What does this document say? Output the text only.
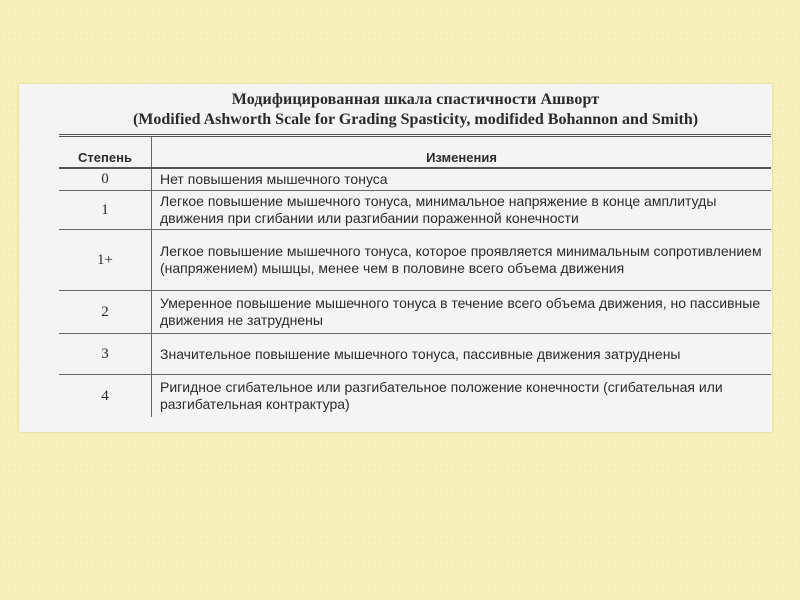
Модифицированная шкала спастичности Ашворт
(Modified Ashworth Scale for Grading Spasticity, modifided Bohannon and Smith)
Степень	Изменения
0	Нет повышения мышечного тонуса
1	Легкое повышение мышечного тонуса, минимальное напряжение в конце амплитуды движения при сгибании или разгибании пораженной конечности
1+	Легкое повышение мышечного тонуса, которое проявляется минимальным сопротивлением (напряжением) мышцы, менее чем в половине всего объема движения
2	Умеренное повышение мышечного тонуса в течение всего объема движения, но пассивные движения не затруднены
3	Значительное повышение мышечного тонуса, пассивные движения затруднены
4	Ригидное сгибательное или разгибательное положение конечности (сгибательная или разгибательная контрактура)
